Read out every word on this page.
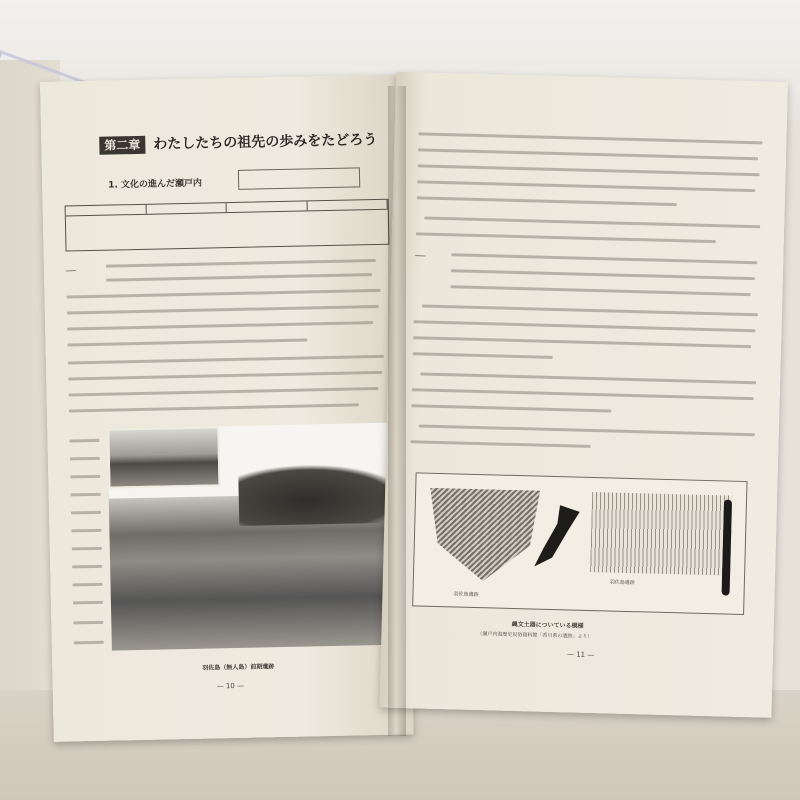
第二章 わたしたちの祖先の歩みをたどろう
1. 文化の進んだ瀬戸内
＿＿
羽佐島（無人島）前期遺跡
— 10 —
＿＿
羽佐島遺跡
羽佐島遺跡
縄文土器についている模様
（瀬戸内海歴史民俗資料館「香川県の遺跡」より）
— 11 —
